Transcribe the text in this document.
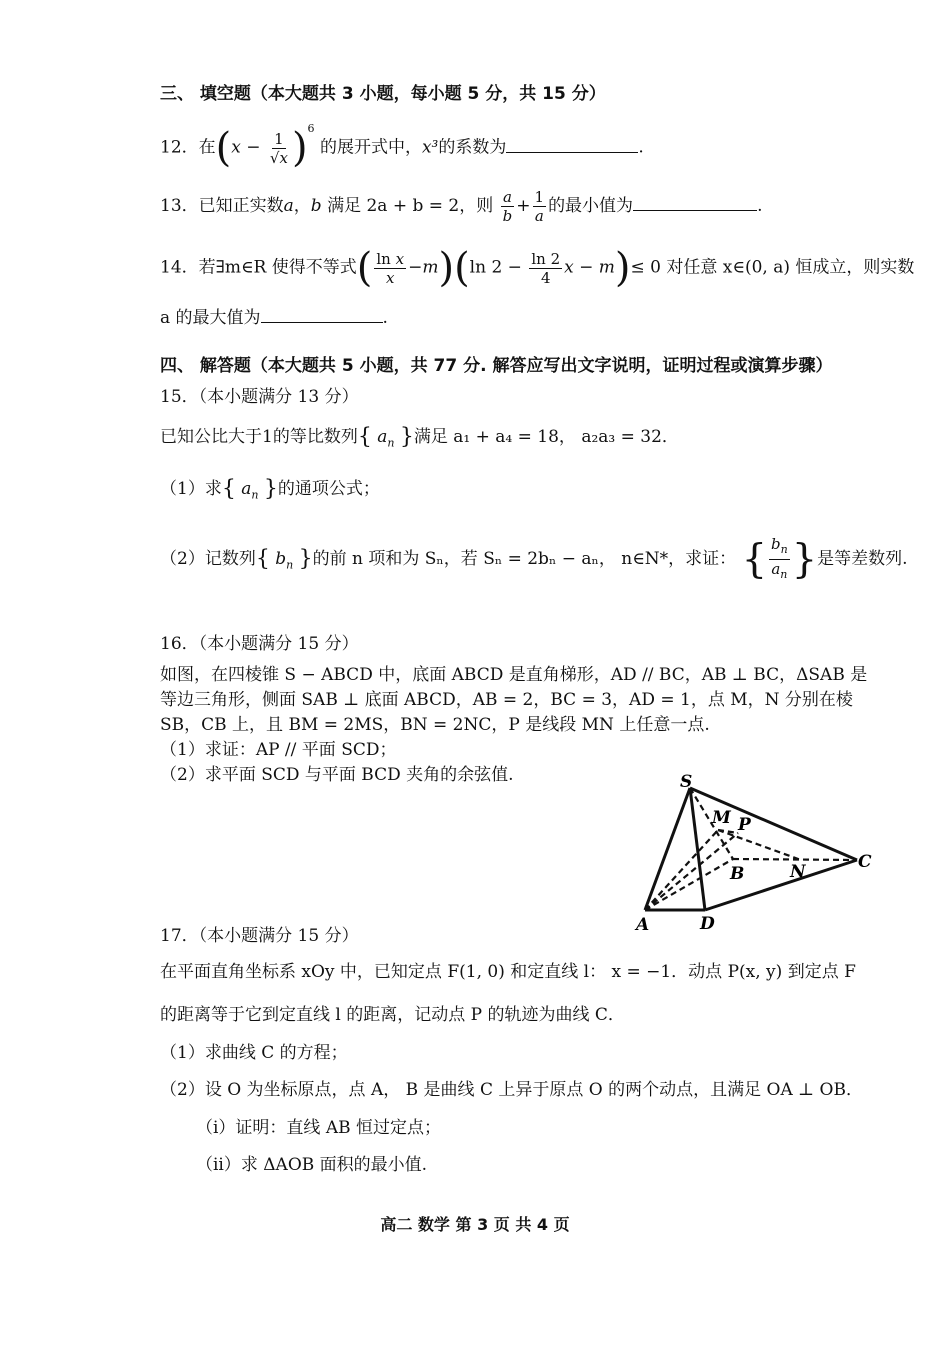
三、 填空题（本大题共 3 小题，每小题 5 分，共 15 分）
12．在$(x - \frac{1}{√x} )^6$ 的展开式中，x³的系数为	.
13．已知正实数a，b 满足 2a + b = 2，则 $\frac{a}{b} + \frac{1}{a}$ 的最小值为	.
14．若∃m∈R 使得不等式( $\frac{\text{ln x}}{x} -m)(\ln$ $2 - \frac{\ln 2}{4}$ x − m)≤ 0 对任意 x∈(0, a) 恒成立，则实数
a 的最大值为	.
四、 解答题（本大题共 5 小题，共 77 分. 解答应写出文字说明，证明过程或演算步骤）
15．（本小题满分 13 分）
已知公比大于1的等比数列{ $a_n$ }满足 a₁ + a₄ = 18， a₂a₃ = 32．
（1）求{ $a_n$ }的通项公式；
（2）记数列{ $b_n$ }的前 n 项和为 Sₙ，若 Sₙ = 2bₙ − aₙ， n∈N*，求证： { $\frac{b_n}{a_n}$ }是等差数列.
16．（本小题满分 15 分）
如图，在四棱锥 S − ABCD 中，底面 ABCD 是直角梯形，AD // BC，AB ⊥ BC，ΔSAB 是
等边三角形，侧面 SAB ⊥ 底面 ABCD，AB = 2，BC = 3，AD = 1，点 M，N 分别在棱
SB，CB 上，且 BM = 2MS，BN = 2NC，P 是线段 MN 上任意一点.
（1）求证：AP // 平面 SCD；
（2）求平面 SCD 与平面 BCD 夹角的余弦值.	S
M P
B	N	C
A	D
17．（本小题满分 15 分）
在平面直角坐标系 xOy 中，已知定点 F(1, 0) 和定直线 l： x = −1．动点 P(x, y) 到定点 F
的距离等于它到定直线 l 的距离，记动点 P 的轨迹为曲线 C．
（1）求曲线 C 的方程；
（2）设 O 为坐标原点，点 A， B 是曲线 C 上异于原点 O 的两个动点，且满足 OA ⊥ OB．
（i）证明：直线 AB 恒过定点；
（ii）求 ΔAOB 面积的最小值.
高二 数学 第 3 页 共 4 页
